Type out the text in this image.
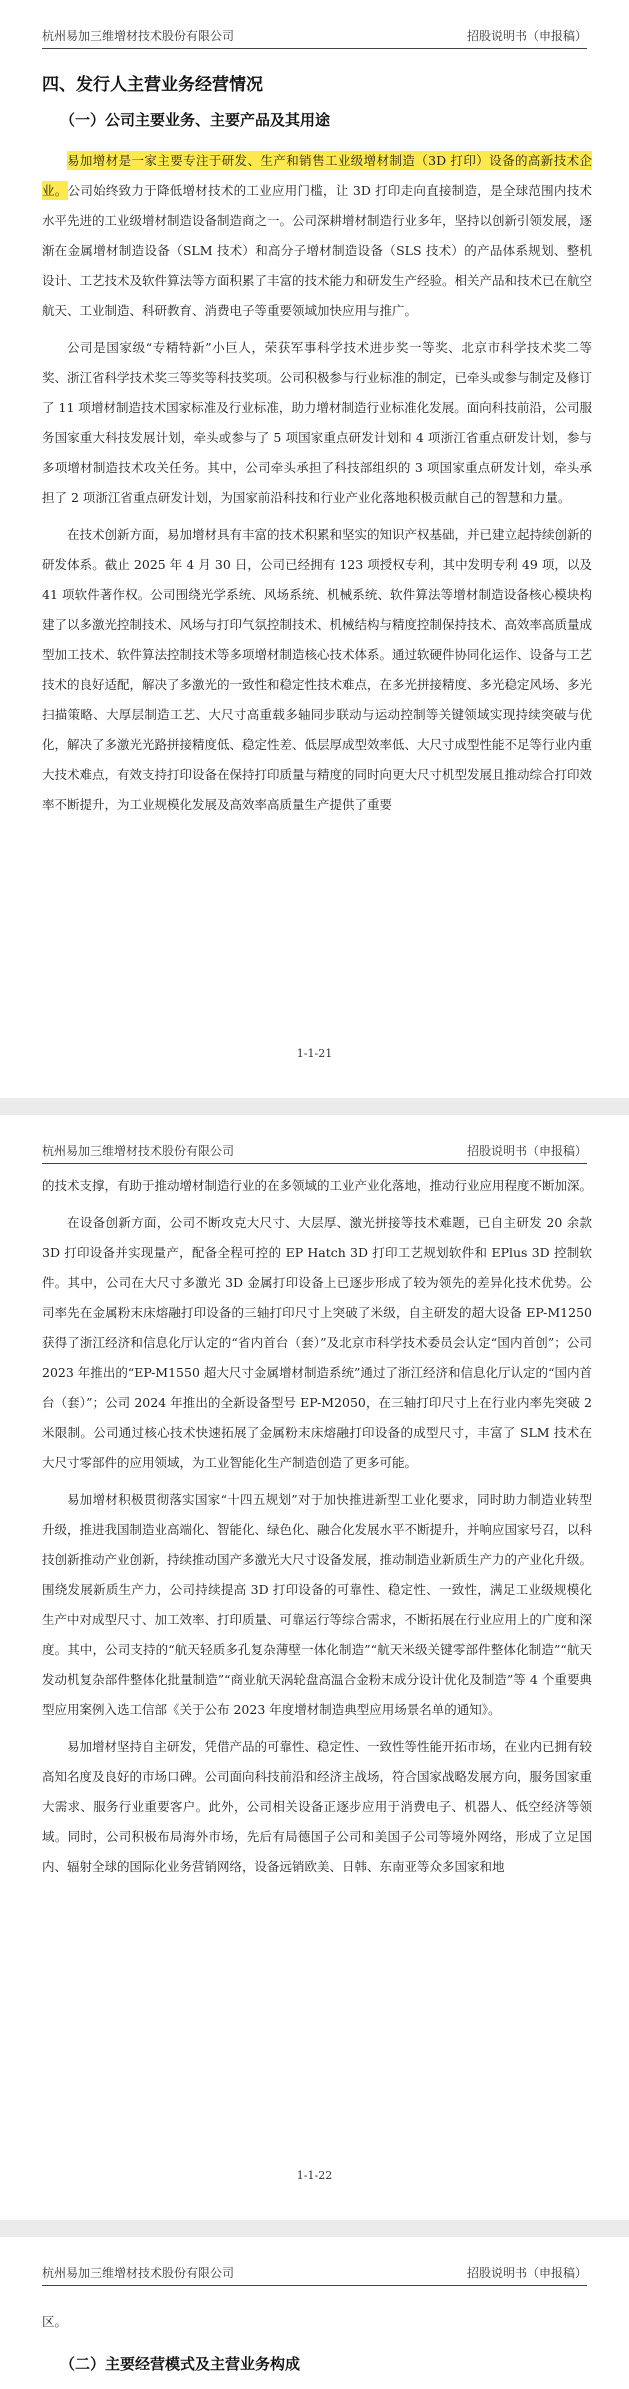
杭州易加三维增材技术股份有限公司	招股说明书（申报稿）
四、发行人主营业务经营情况
（一）公司主要业务、主要产品及其用途

易加增材是一家主要专注于研发、生产和销售工业级增材制造（3D 打印）设备的高新技术企业。公司始终致力于降低增材技术的工业应用门槛，让 3D 打印走向直接制造，是全球范围内技术水平先进的工业级增材制造设备制造商之一。公司深耕增材制造行业多年，坚持以创新引领发展，逐渐在金属增材制造设备（SLM 技术）和高分子增材制造设备（SLS 技术）的产品体系规划、整机设计、工艺技术及软件算法等方面积累了丰富的技术能力和研发生产经验。相关产品和技术已在航空航天、工业制造、科研教育、消费电子等重要领域加快应用与推广。

公司是国家级“专精特新”小巨人，荣获军事科学技术进步奖一等奖、北京市科学技术奖二等奖、浙江省科学技术奖三等奖等科技奖项。公司积极参与行业标准的制定，已牵头或参与制定及修订了 11 项增材制造技术国家标准及行业标准，助力增材制造行业标准化发展。面向科技前沿，公司服务国家重大科技发展计划，牵头或参与了 5 项国家重点研发计划和 4 项浙江省重点研发计划，参与多项增材制造技术攻关任务。其中，公司牵头承担了科技部组织的 3 项国家重点研发计划，牵头承担了 2 项浙江省重点研发计划，为国家前沿科技和行业产业化落地积极贡献自己的智慧和力量。

在技术创新方面，易加增材具有丰富的技术积累和坚实的知识产权基础，并已建立起持续创新的研发体系。截止 2025 年 4 月 30 日，公司已经拥有 123 项授权专利，其中发明专利 49 项，以及 41 项软件著作权。公司围绕光学系统、风场系统、机械系统、软件算法等增材制造设备核心模块构建了以多激光控制技术、风场与打印气氛控制技术、机械结构与精度控制保持技术、高效率高质量成型加工技术、软件算法控制技术等多项增材制造核心技术体系。通过软硬件协同化运作、设备与工艺技术的良好适配，解决了多激光的一致性和稳定性技术难点，在多光拼接精度、多光稳定风场、多光扫描策略、大厚层制造工艺、大尺寸高重载多轴同步联动与运动控制等关键领域实现持续突破与优化，解决了多激光光路拼接精度低、稳定性差、低层厚成型效率低、大尺寸成型性能不足等行业内重大技术难点，有效支持打印设备在保持打印质量与精度的同时向更大尺寸机型发展且推动综合打印效率不断提升，为工业规模化发展及高效率高质量生产提供了重要

1-1-21
杭州易加三维增材技术股份有限公司	招股说明书（申报稿）

的技术支撑，有助于推动增材制造行业的在多领域的工业产业化落地，推动行业应用程度不断加深。

在设备创新方面，公司不断攻克大尺寸、大层厚、激光拼接等技术难题，已自主研发 20 余款 3D 打印设备并实现量产，配备全程可控的 EP Hatch 3D 打印工艺规划软件和 EPlus 3D 控制软件。其中，公司在大尺寸多激光 3D 金属打印设备上已逐步形成了较为领先的差异化技术优势。公司率先在金属粉末床熔融打印设备的三轴打印尺寸上突破了米级，自主研发的超大设备 EP-M1250 获得了浙江经济和信息化厅认定的“省内首台（套）”及北京市科学技术委员会认定“国内首创”；公司 2023 年推出的“EP-M1550 超大尺寸金属增材制造系统”通过了浙江经济和信息化厅认定的“国内首台（套）”；公司 2024 年推出的全新设备型号 EP-M2050，在三轴打印尺寸上在行业内率先突破 2 米限制。公司通过核心技术快速拓展了金属粉末床熔融打印设备的成型尺寸，丰富了 SLM 技术在大尺寸零部件的应用领域，为工业智能化生产制造创造了更多可能。

易加增材积极贯彻落实国家“十四五规划”对于加快推进新型工业化要求，同时助力制造业转型升级，推进我国制造业高端化、智能化、绿色化、融合化发展水平不断提升，并响应国家号召，以科技创新推动产业创新，持续推动国产多激光大尺寸设备发展，推动制造业新质生产力的产业化升级。围绕发展新质生产力，公司持续提高 3D 打印设备的可靠性、稳定性、一致性，满足工业级规模化生产中对成型尺寸、加工效率、打印质量、可靠运行等综合需求，不断拓展在行业应用上的广度和深度。其中，公司支持的“航天轻质多孔复杂薄壁一体化制造”“航天米级关键零部件整体化制造”“航天发动机复杂部件整体化批量制造”“商业航天涡轮盘高温合金粉末成分设计优化及制造”等 4 个重要典型应用案例入选工信部《关于公布 2023 年度增材制造典型应用场景名单的通知》。

易加增材坚持自主研发，凭借产品的可靠性、稳定性、一致性等性能开拓市场，在业内已拥有较高知名度及良好的市场口碑。公司面向科技前沿和经济主战场，符合国家战略发展方向，服务国家重大需求、服务行业重要客户。此外，公司相关设备正逐步应用于消费电子、机器人、低空经济等领域。同时，公司积极布局海外市场，先后有局德国子公司和美国子公司等境外网络，形成了立足国内、辐射全球的国际化业务营销网络，设备远销欧美、日韩、东南亚等众多国家和地

1-1-22
杭州易加三维增材技术股份有限公司	招股说明书（申报稿）

区。

（二）主要经营模式及主营业务构成
